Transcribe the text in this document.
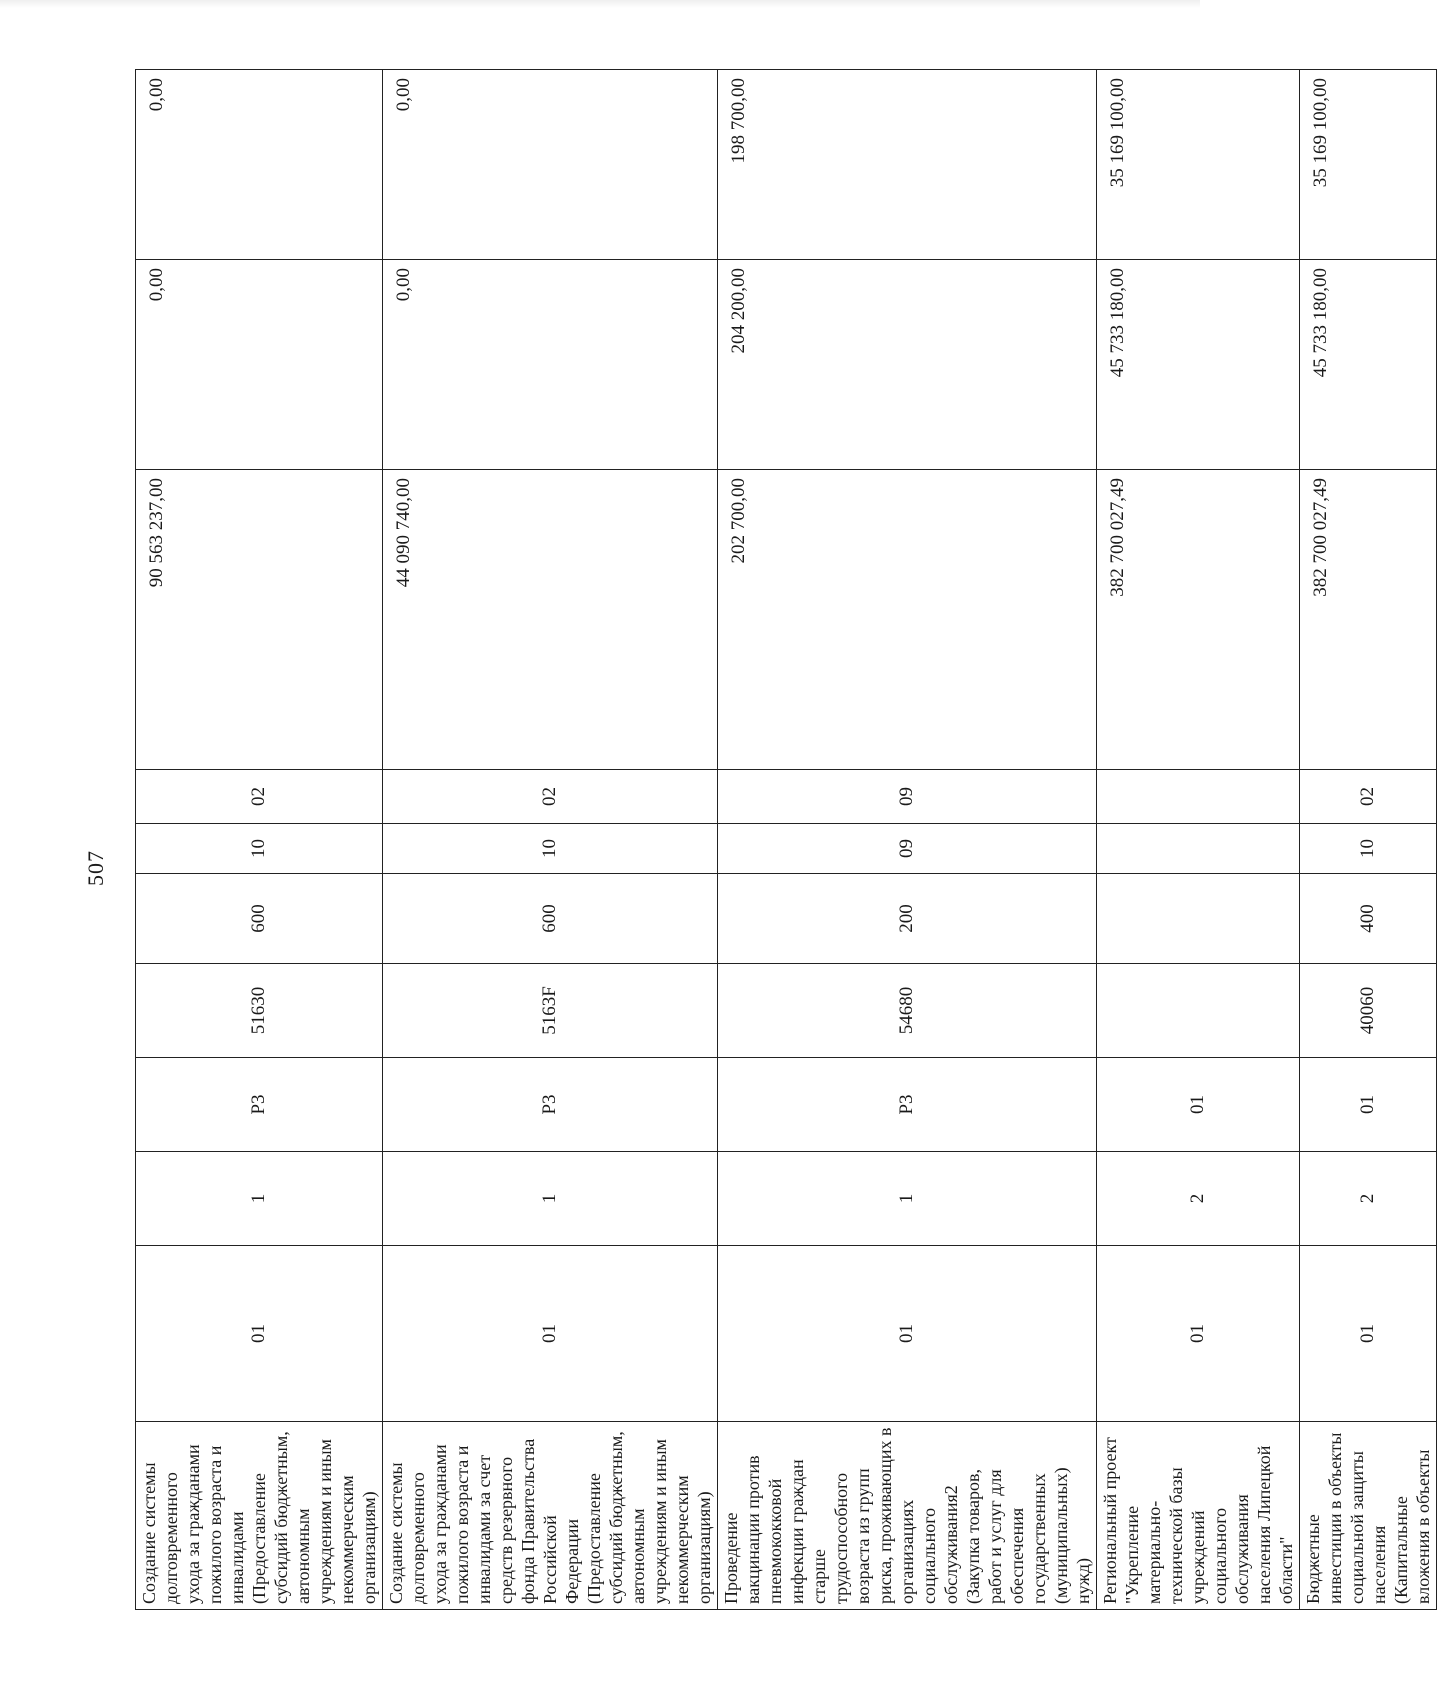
507
Создание системы долговременного ухода за гражданами пожилого возраста и инвалидами (Предоставление субсидий бюджетным, автономным учреждениям и иным некоммерческим организациям)	01	1	P3	51630	600	10	02	90 563 237,00	0,00	0,00
Создание системы долговременного ухода за гражданами пожилого возраста и инвалидами за счет средств резервного фонда Правительства Российской Федерации (Предоставление субсидий бюджетным, автономным учреждениям и иным некоммерческим организациям)	01	1	P3	5163F	600	10	02	44 090 740,00	0,00	0,00
Проведение вакцинации против пневмококковой инфекции граждан старше трудоспособного возраста из групп риска, проживающих в организациях социального обслуживания2 (Закупка товаров, работ и услуг для обеспечения государственных (муниципальных) нужд)	01	1	P3	54680	200	09	09	202 700,00	204 200,00	198 700,00
Региональный проект "Укрепление материально-технической базы учреждений социального обслуживания населения Липецкой области"	01	2	01					382 700 027,49	45 733 180,00	35 169 100,00
Бюджетные инвестиции в объекты социальной защиты населения (Капитальные вложения в объекты	01	2	01	40060	400	10	02	382 700 027,49	45 733 180,00	35 169 100,00
